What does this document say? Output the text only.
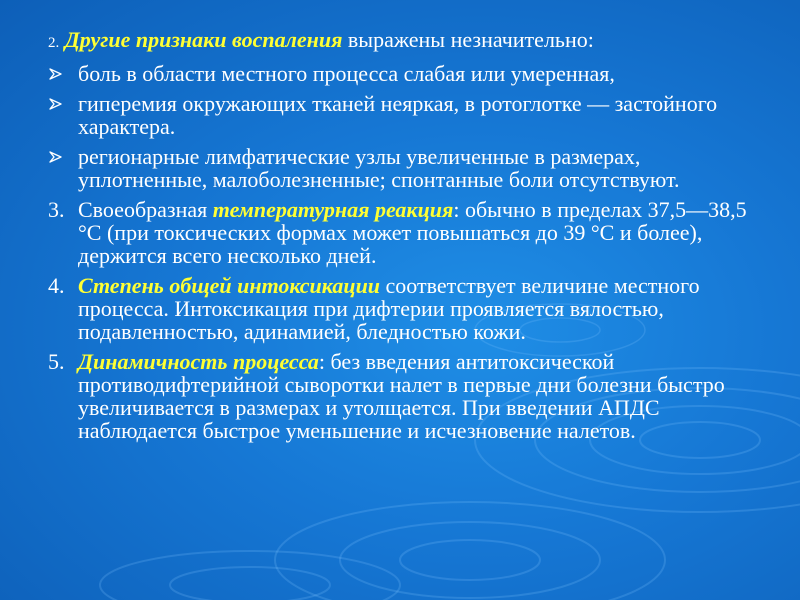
2. Другие признаки воспаления выражены незначительно:
боль в области местного процесса слабая или умеренная,
гиперемия окружающих тканей неяркая, в ротоглотке — застойного характера.
регионарные лимфатические узлы увеличенные в размерах, уплотненные, малоболезненные; спонтанные боли отсутствуют.
3. Своеобразная температурная реакция: обычно в пределах 37,5—38,5 °С (при токсических формах может повышаться до 39 °С и более), держится всего несколько дней.
4. Степень общей интоксикации соответствует величине местного процесса. Интоксикация при дифтерии проявляется вялостью, подавленностью, адинамией, бледностью кожи.
5. Динамичность процесса: без введения антитоксической противодифтерийной сыворотки налет в первые дни болезни быстро увеличивается в размерах и утолщается. При введении АПДС наблюдается быстрое уменьшение и исчезновение налетов.
